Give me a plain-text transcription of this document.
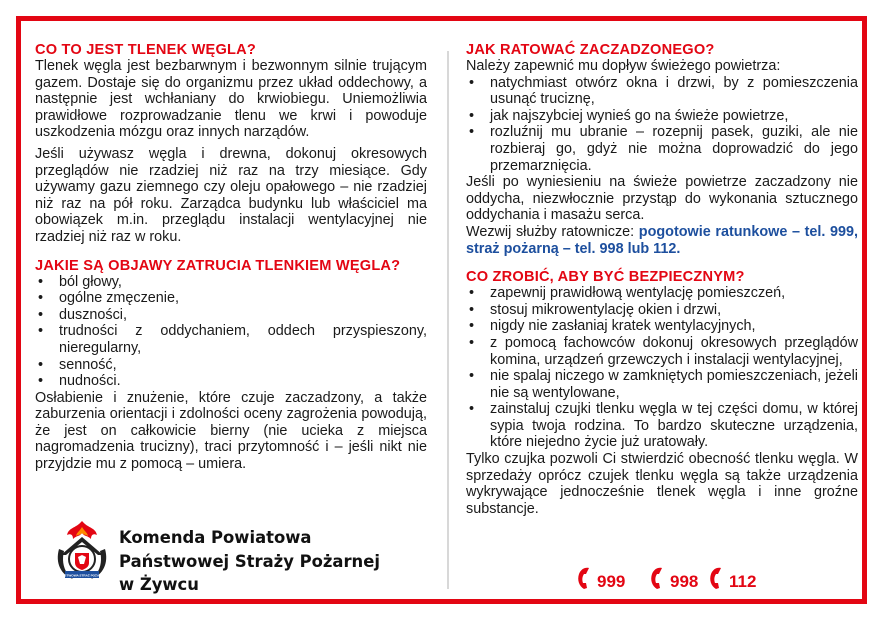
CO TO JEST TLENEK WĘGLA?

Tlenek węgla jest bezbarwnym i bezwonnym silnie trującym gazem. Dostaje się do organizmu przez układ oddechowy, a następnie jest wchłaniany do krwiobiegu. Uniemożliwia prawidłowe rozprowadzanie tlenu we krwi i powoduje uszkodzenia mózgu oraz innych narządów.

Jeśli używasz węgla i drewna, dokonuj okresowych przeglądów nie rzadziej niż raz na trzy miesiące. Gdy używamy gazu ziemnego czy oleju opałowego – nie rzadziej niż raz na pół roku. Zarządca budynku lub właściciel ma obowiązek m.in. przeglądu instalacji wentylacyjnej nie rzadziej niż raz w roku.

JAKIE SĄ OBJAWY ZATRUCIA TLENKIEM WĘGLA?
• ból głowy,
• ogólne zmęczenie,
• duszności,
• trudności z oddychaniem, oddech przyspieszony, nieregularny,
• senność,
• nudności.

Osłabienie i znużenie, które czuje zaczadzony, a także zaburzenia orientacji i zdolności oceny zagrożenia powodują, że jest on całkowicie bierny (nie ucieka z miejsca nagromadzenia trucizny), traci przytomność i – jeśli nikt nie przyjdzie mu z pomocą – umiera.

PAŃSTWOWA STRAŻ POŻARNA
Komenda Powiatowa
Państwowej Straży Pożarnej
w Żywcu
JAK RATOWAĆ ZACZADZONEGO?

Należy zapewnić mu dopływ świeżego powietrza:

• natychmiast otwórz okna i drzwi, by z pomieszczenia usunąć truciznę,
• jak najszybciej wynieś go na świeże powietrze,
• rozluźnij mu ubranie – rozepnij pasek, guziki, ale nie rozbieraj go, gdyż nie można doprowadzić do jego przemarznięcia.

Jeśli po wyniesieniu na świeże powietrze zaczadzony nie oddycha, niezwłocznie przystąp do wykonania sztucznego oddychania i masażu serca.

Wezwij służby ratownicze: pogotowie ratunkowe – tel. 999, straż pożarną – tel. 998 lub 112.

CO ZROBIĆ, ABY BYĆ BEZPIECZNYM?
• zapewnij prawidłową wentylację pomieszczeń,
• stosuj mikrowentylację okien i drzwi,
• nigdy nie zasłaniaj kratek wentylacyjnych,
• z pomocą fachowców dokonuj okresowych przeglądów komina, urządzeń grzewczych i instalacji wentylacyjnej,
• nie spalaj niczego w zamkniętych pomieszczeniach, jeżeli nie są wentylowane,
• zainstaluj czujki tlenku węgla w tej części domu, w której sypia twoja rodzina. To bardzo skuteczne urządzenia, które niejedno życie już uratowały.

Tylko czujka pozwoli Ci stwierdzić obecność tlenku węgla. W sprzedaży oprócz czujek tlenku węgla są także urządzenia wykrywające jednocześnie tlenek węgla i inne groźne substancje.

999	998 112
